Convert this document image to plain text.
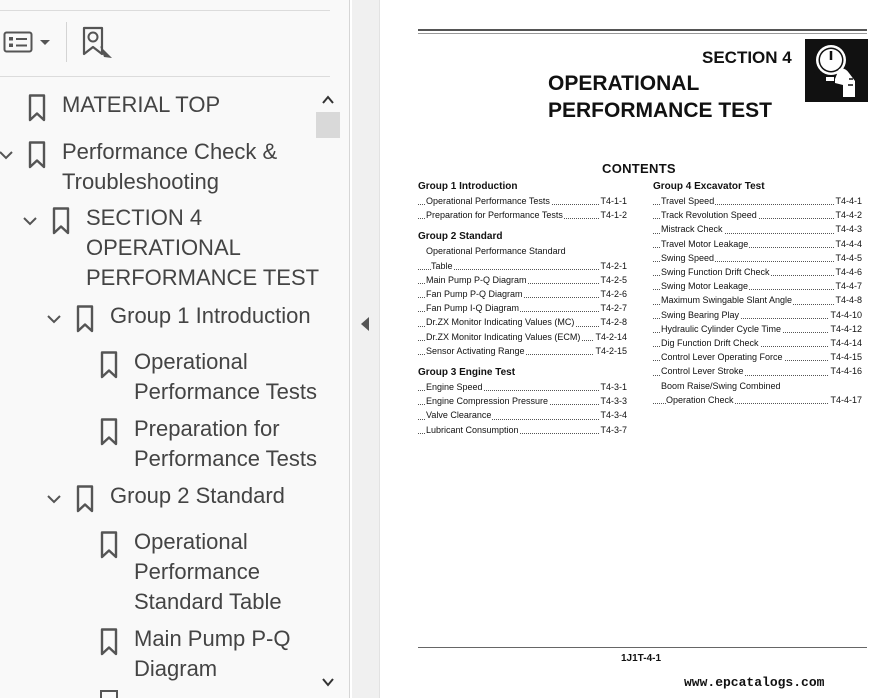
MATERIAL TOP
Performance Check &
Troubleshooting
SECTION 4
OPERATIONAL
PERFORMANCE TEST
Group 1 Introduction
Operational
Performance Tests
Preparation for
Performance Tests
Group 2 Standard
Operational
Performance
Standard Table
Main Pump P-Q
Diagram
SECTION 4
OPERATIONAL
PERFORMANCE TEST
CONTENTS
Group 1 Introduction
Operational Performance Tests	T4-1-1
Preparation for Performance Tests	T4-1-2
Group 2 Standard
Operational Performance Standard
Table	T4-2-1
Main Pump P-Q Diagram	T4-2-5
Fan Pump P-Q Diagram	T4-2-6
Fan Pump I-Q Diagram	T4-2-7
Dr.ZX Monitor Indicating Values (MC)	T4-2-8
Dr.ZX Monitor Indicating Values (ECM) T4-2-14
Sensor Activating Range	T4-2-15
Group 3 Engine Test
Engine Speed	T4-3-1
Engine Compression Pressure	T4-3-3
Valve Clearance	T4-3-4
Lubricant Consumption	T4-3-7
Group 4 Excavator Test
Travel Speed	T4-4-1
Track Revolution Speed	T4-4-2
Mistrack Check	T4-4-3
Travel Motor Leakage	T4-4-4
Swing Speed	T4-4-5
Swing Function Drift Check	T4-4-6
Swing Motor Leakage	T4-4-7
Maximum Swingable Slant Angle	T4-4-8
Swing Bearing Play	T4-4-10
Hydraulic Cylinder Cycle Time	T4-4-12
Dig Function Drift Check	T4-4-14
Control Lever Operating Force	T4-4-15
Control Lever Stroke	T4-4-16
Boom Raise/Swing Combined
Operation Check	T4-4-17
1J1T-4-1
www.epcatalogs.com
